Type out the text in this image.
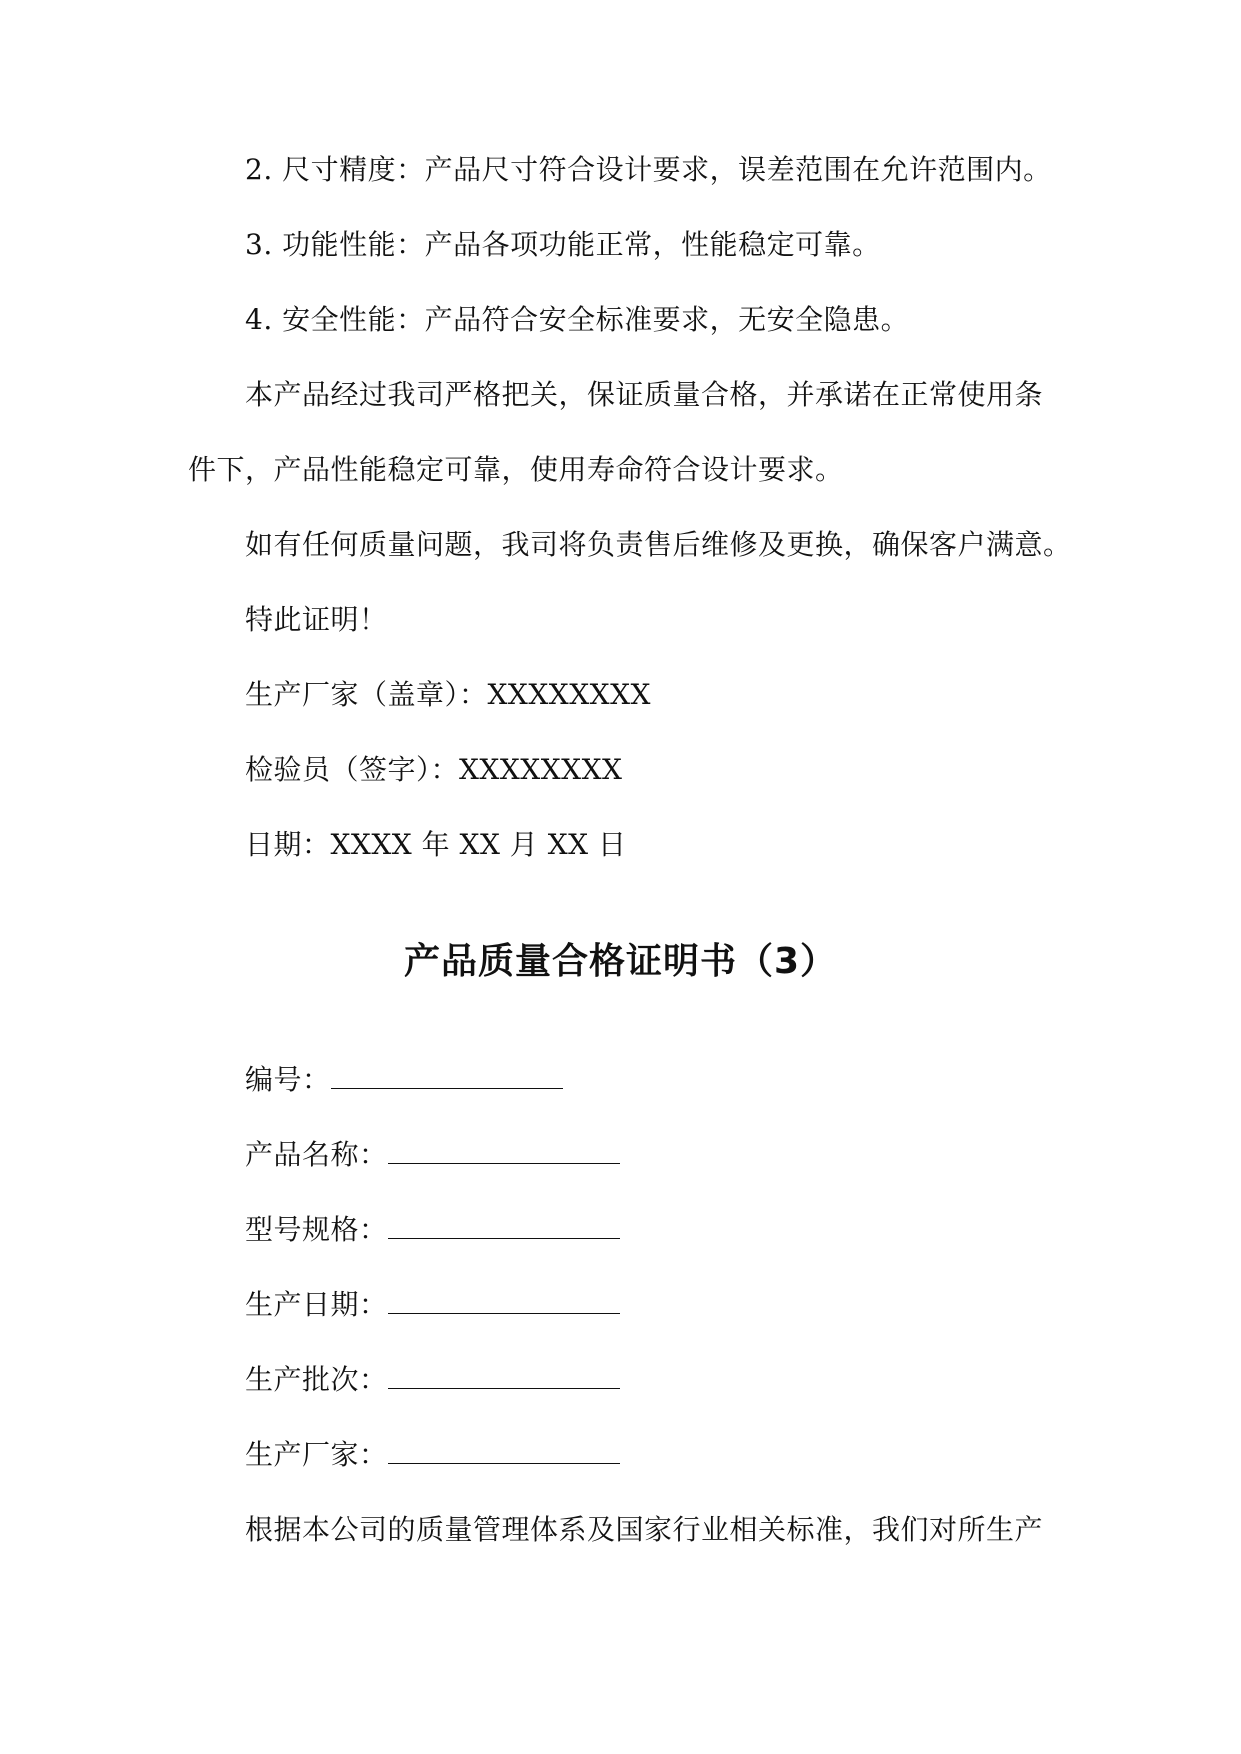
2. 尺寸精度：产品尺寸符合设计要求，误差范围在允许范围内。
3. 功能性能：产品各项功能正常，性能稳定可靠。
4. 安全性能：产品符合安全标准要求，无安全隐患。
本产品经过我司严格把关，保证质量合格，并承诺在正常使用条
件下，产品性能稳定可靠，使用寿命符合设计要求。
如有任何质量问题，我司将负责售后维修及更换，确保客户满意。
特此证明！
生产厂家（盖章）：XXXXXXXX
检验员（签字）：XXXXXXXX
日期：XXXX 年 XX 月 XX 日
产品质量合格证明书（3）
编号：
产品名称：
型号规格：
生产日期：
生产批次：
生产厂家：
根据本公司的质量管理体系及国家行业相关标准，我们对所生产
